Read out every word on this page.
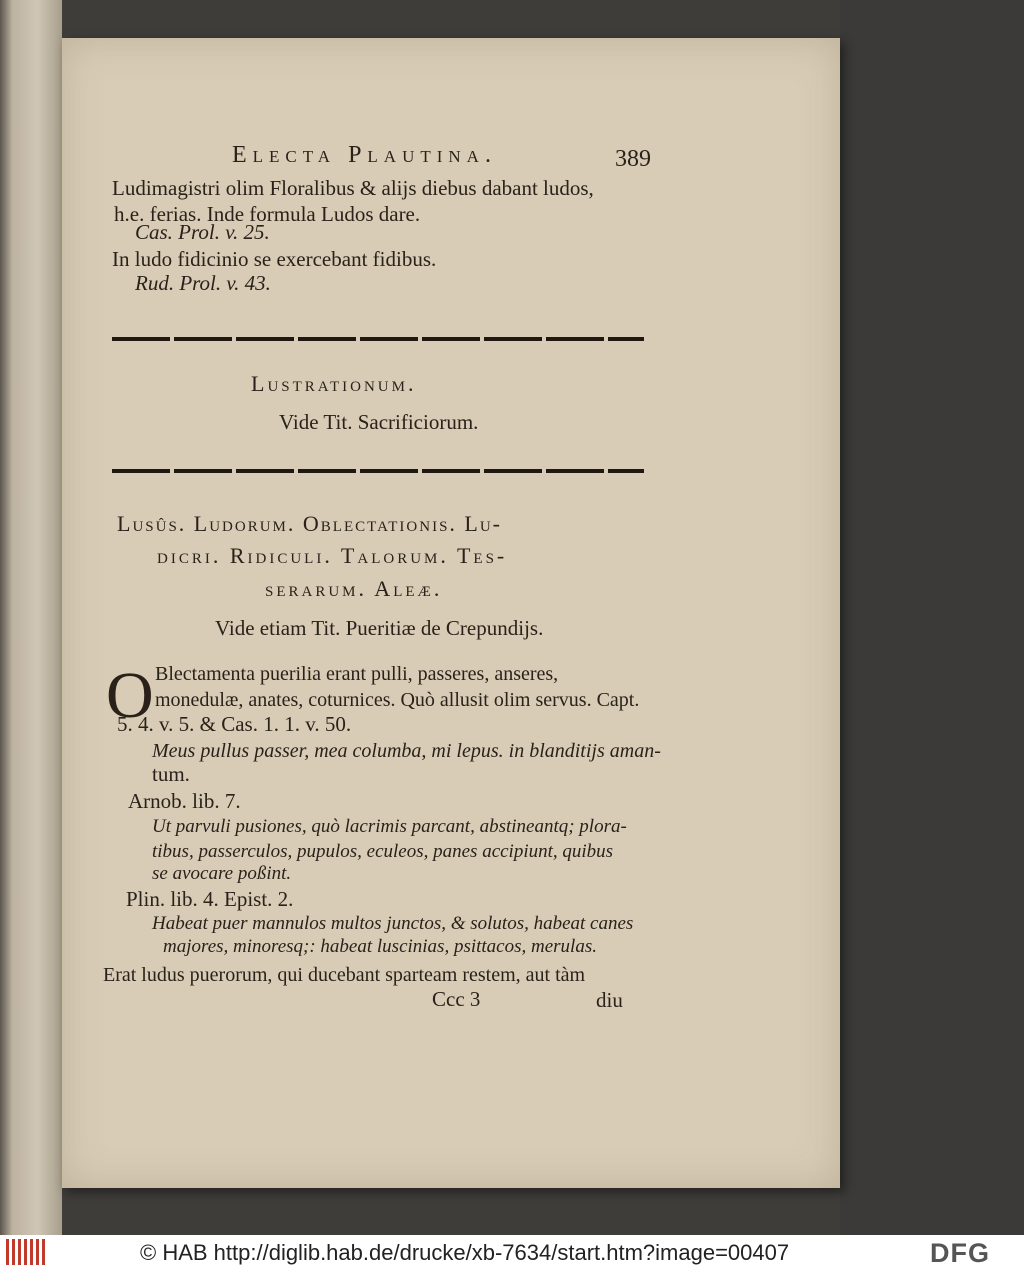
Electa Plautina.	389
Ludimagistri olim Floralibus & alijs diebus dabant ludos,
h.e. ferias. Inde formula Ludos dare.
Cas. Prol. v. 25.
In ludo fidicinio se exercebant fidibus.
Rud. Prol. v. 43.
Lustrationum.
Vide Tit. Sacrificiorum.
Lusûs. Ludorum. Oblectationis. Lu-
dicri. Ridiculi. Talorum. Tes-
serarum. Aleæ.
Vide etiam Tit. Pueritiæ de Crepundijs.
O Blectamenta puerilia erant pulli, passeres, anseres,
monedulæ, anates, coturnices. Quò allusit olim servus. Capt.
5. 4. v. 5. & Cas. 1. 1. v. 50.
Meus pullus passer, mea columba, mi lepus. in blanditijs aman-
tum.
Arnob. lib. 7.
Ut parvuli pusiones, quò lacrimis parcant, abstineantq; plora-
tibus, passerculos, pupulos, eculeos, panes accipiunt, quibus
se avocare poßint.
Plin. lib. 4. Epist. 2.
Habeat puer mannulos multos junctos, & solutos, habeat canes
majores, minoresq;: habeat luscinias, psittacos, merulas.
Erat ludus puerorum, qui ducebant sparteam restem, aut tàm
Ccc 3	diu
© HAB http://diglib.hab.de/drucke/xb-7634/start.htm?image=00407	DFG
